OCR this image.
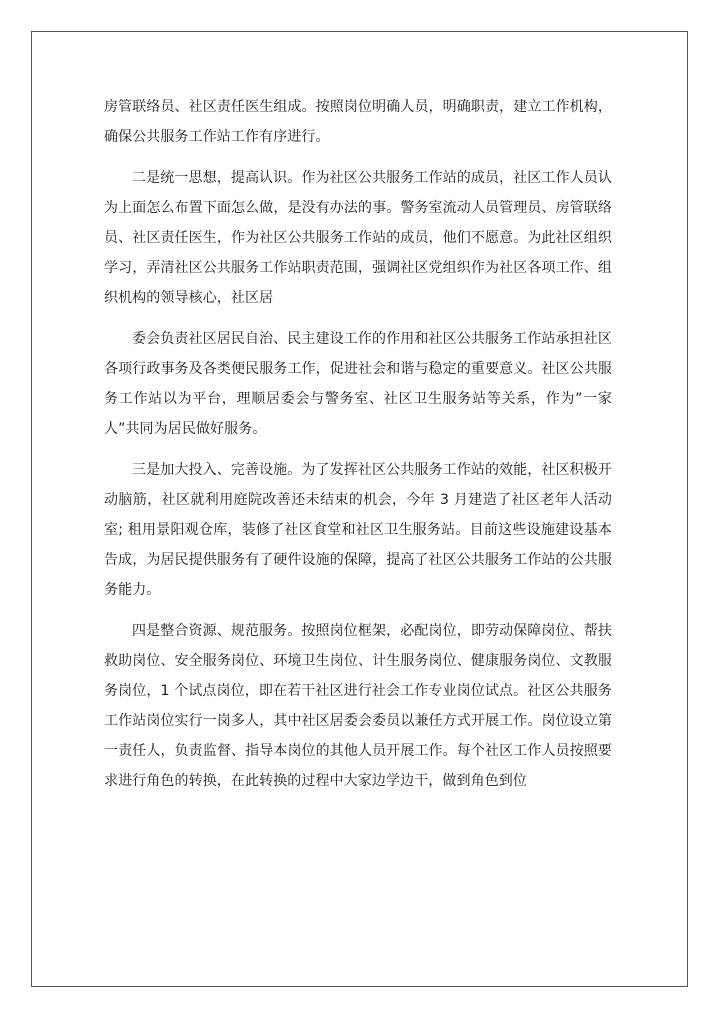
房管联络员、社区责任医生组成。按照岗位明确人员，明确职责，建立工作机构，确保公共服务工作站工作有序进行。

二是统一思想，提高认识。作为社区公共服务工作站的成员，社区工作人员认为上面怎么布置下面怎么做，是没有办法的事。警务室流动人员管理员、房管联络员、社区责任医生，作为社区公共服务工作站的成员，他们不愿意。为此社区组织学习，弄清社区公共服务工作站职责范围，强调社区党组织作为社区各项工作、组织机构的领导核心，社区居

委会负责社区居民自治、民主建设工作的作用和社区公共服务工作站承担社区各项行政事务及各类便民服务工作，促进社会和谐与稳定的重要意义。社区公共服务工作站以为平台，理顺居委会与警务室、社区卫生服务站等关系，作为”一家人”共同为居民做好服务。

三是加大投入、完善设施。为了发挥社区公共服务工作站的效能，社区积极开动脑筋，社区就利用庭院改善还未结束的机会，今年 3 月建造了社区老年人活动室; 租用景阳观仓库，装修了社区食堂和社区卫生服务站。目前这些设施建设基本告成，为居民提供服务有了硬件设施的保障，提高了社区公共服务工作站的公共服务能力。

四是整合资源、规范服务。按照岗位框架，必配岗位，即劳动保障岗位、帮扶救助岗位、安全服务岗位、环境卫生岗位、计生服务岗位、健康服务岗位、文教服务岗位，1 个试点岗位，即在若干社区进行社会工作专业岗位试点。社区公共服务工作站岗位实行一岗多人，其中社区居委会委员以兼任方式开展工作。岗位设立第一责任人，负责监督、指导本岗位的其他人员开展工作。每个社区工作人员按照要求进行角色的转换，在此转换的过程中大家边学边干，做到角色到位
